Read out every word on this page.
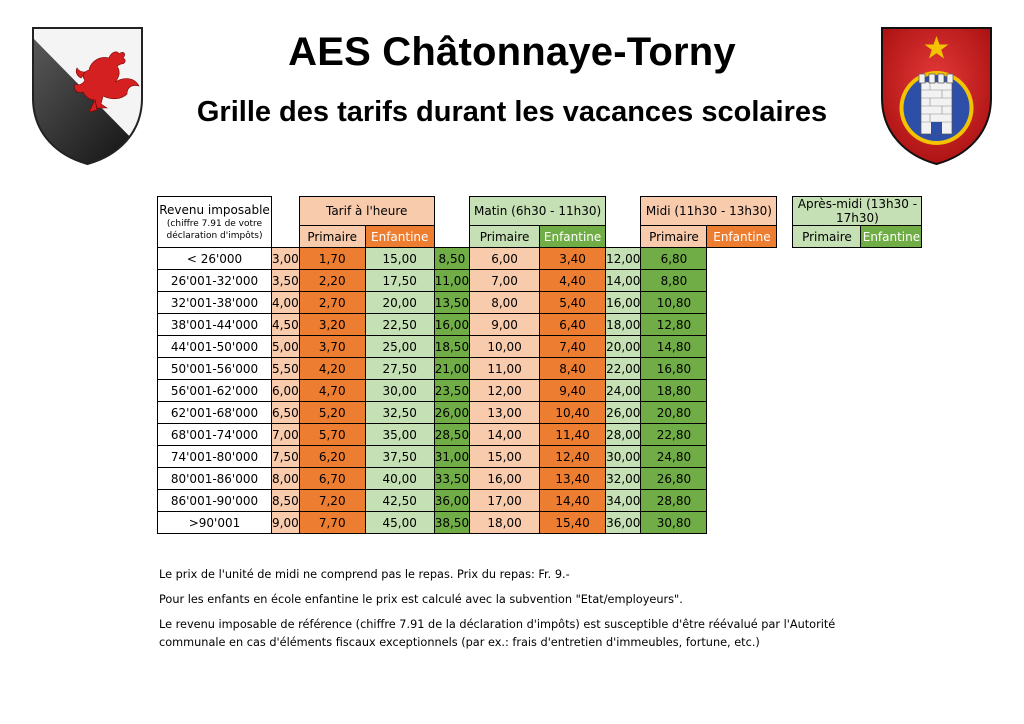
AES Châtonnaye-Torny
Grille des tarifs durant les vacances scolaires
Revenu imposable
(chiffre 7.91 de votre
déclaration d'impôts)		Tarif à l'heure			Matin (6h30 - 11h30)			Midi (11h30 - 13h30)			Après-midi (13h30 - 17h30)	
		Primaire	Enfantine		Primaire	Enfantine		Primaire	Enfantine		Primaire	Enfantine
< 26'000	3,00	1,70	15,00	8,50	6,00	3,40	12,00	6,80				
26'001-32'000	3,50	2,20	17,50	11,00	7,00	4,40	14,00	8,80				
32'001-38'000	4,00	2,70	20,00	13,50	8,00	5,40	16,00	10,80				
38'001-44'000	4,50	3,20	22,50	16,00	9,00	6,40	18,00	12,80				
44'001-50'000	5,00	3,70	25,00	18,50	10,00	7,40	20,00	14,80				
50'001-56'000	5,50	4,20	27,50	21,00	11,00	8,40	22,00	16,80				
56'001-62'000	6,00	4,70	30,00	23,50	12,00	9,40	24,00	18,80				
62'001-68'000	6,50	5,20	32,50	26,00	13,00	10,40	26,00	20,80				
68'001-74'000	7,00	5,70	35,00	28,50	14,00	11,40	28,00	22,80				
74'001-80'000	7,50	6,20	37,50	31,00	15,00	12,40	30,00	24,80				
80'001-86'000	8,00	6,70	40,00	33,50	16,00	13,40	32,00	26,80				
86'001-90'000	8,50	7,20	42,50	36,00	17,00	14,40	34,00	28,80				
>90'001	9,00	7,70	45,00	38,50	18,00	15,40	36,00	30,80				

Le prix de l'unité de midi ne comprend pas le repas. Prix du repas: Fr. 9.-

Pour les enfants en école enfantine le prix est calculé avec la subvention "Etat/employeurs".

Le revenu imposable de référence (chiffre 7.91 de la déclaration d'impôts) est susceptible d'être réévalué par l'Autorité communale en cas d'éléments fiscaux exceptionnels (par ex.: frais d'entretien d'immeubles, fortune, etc.)
